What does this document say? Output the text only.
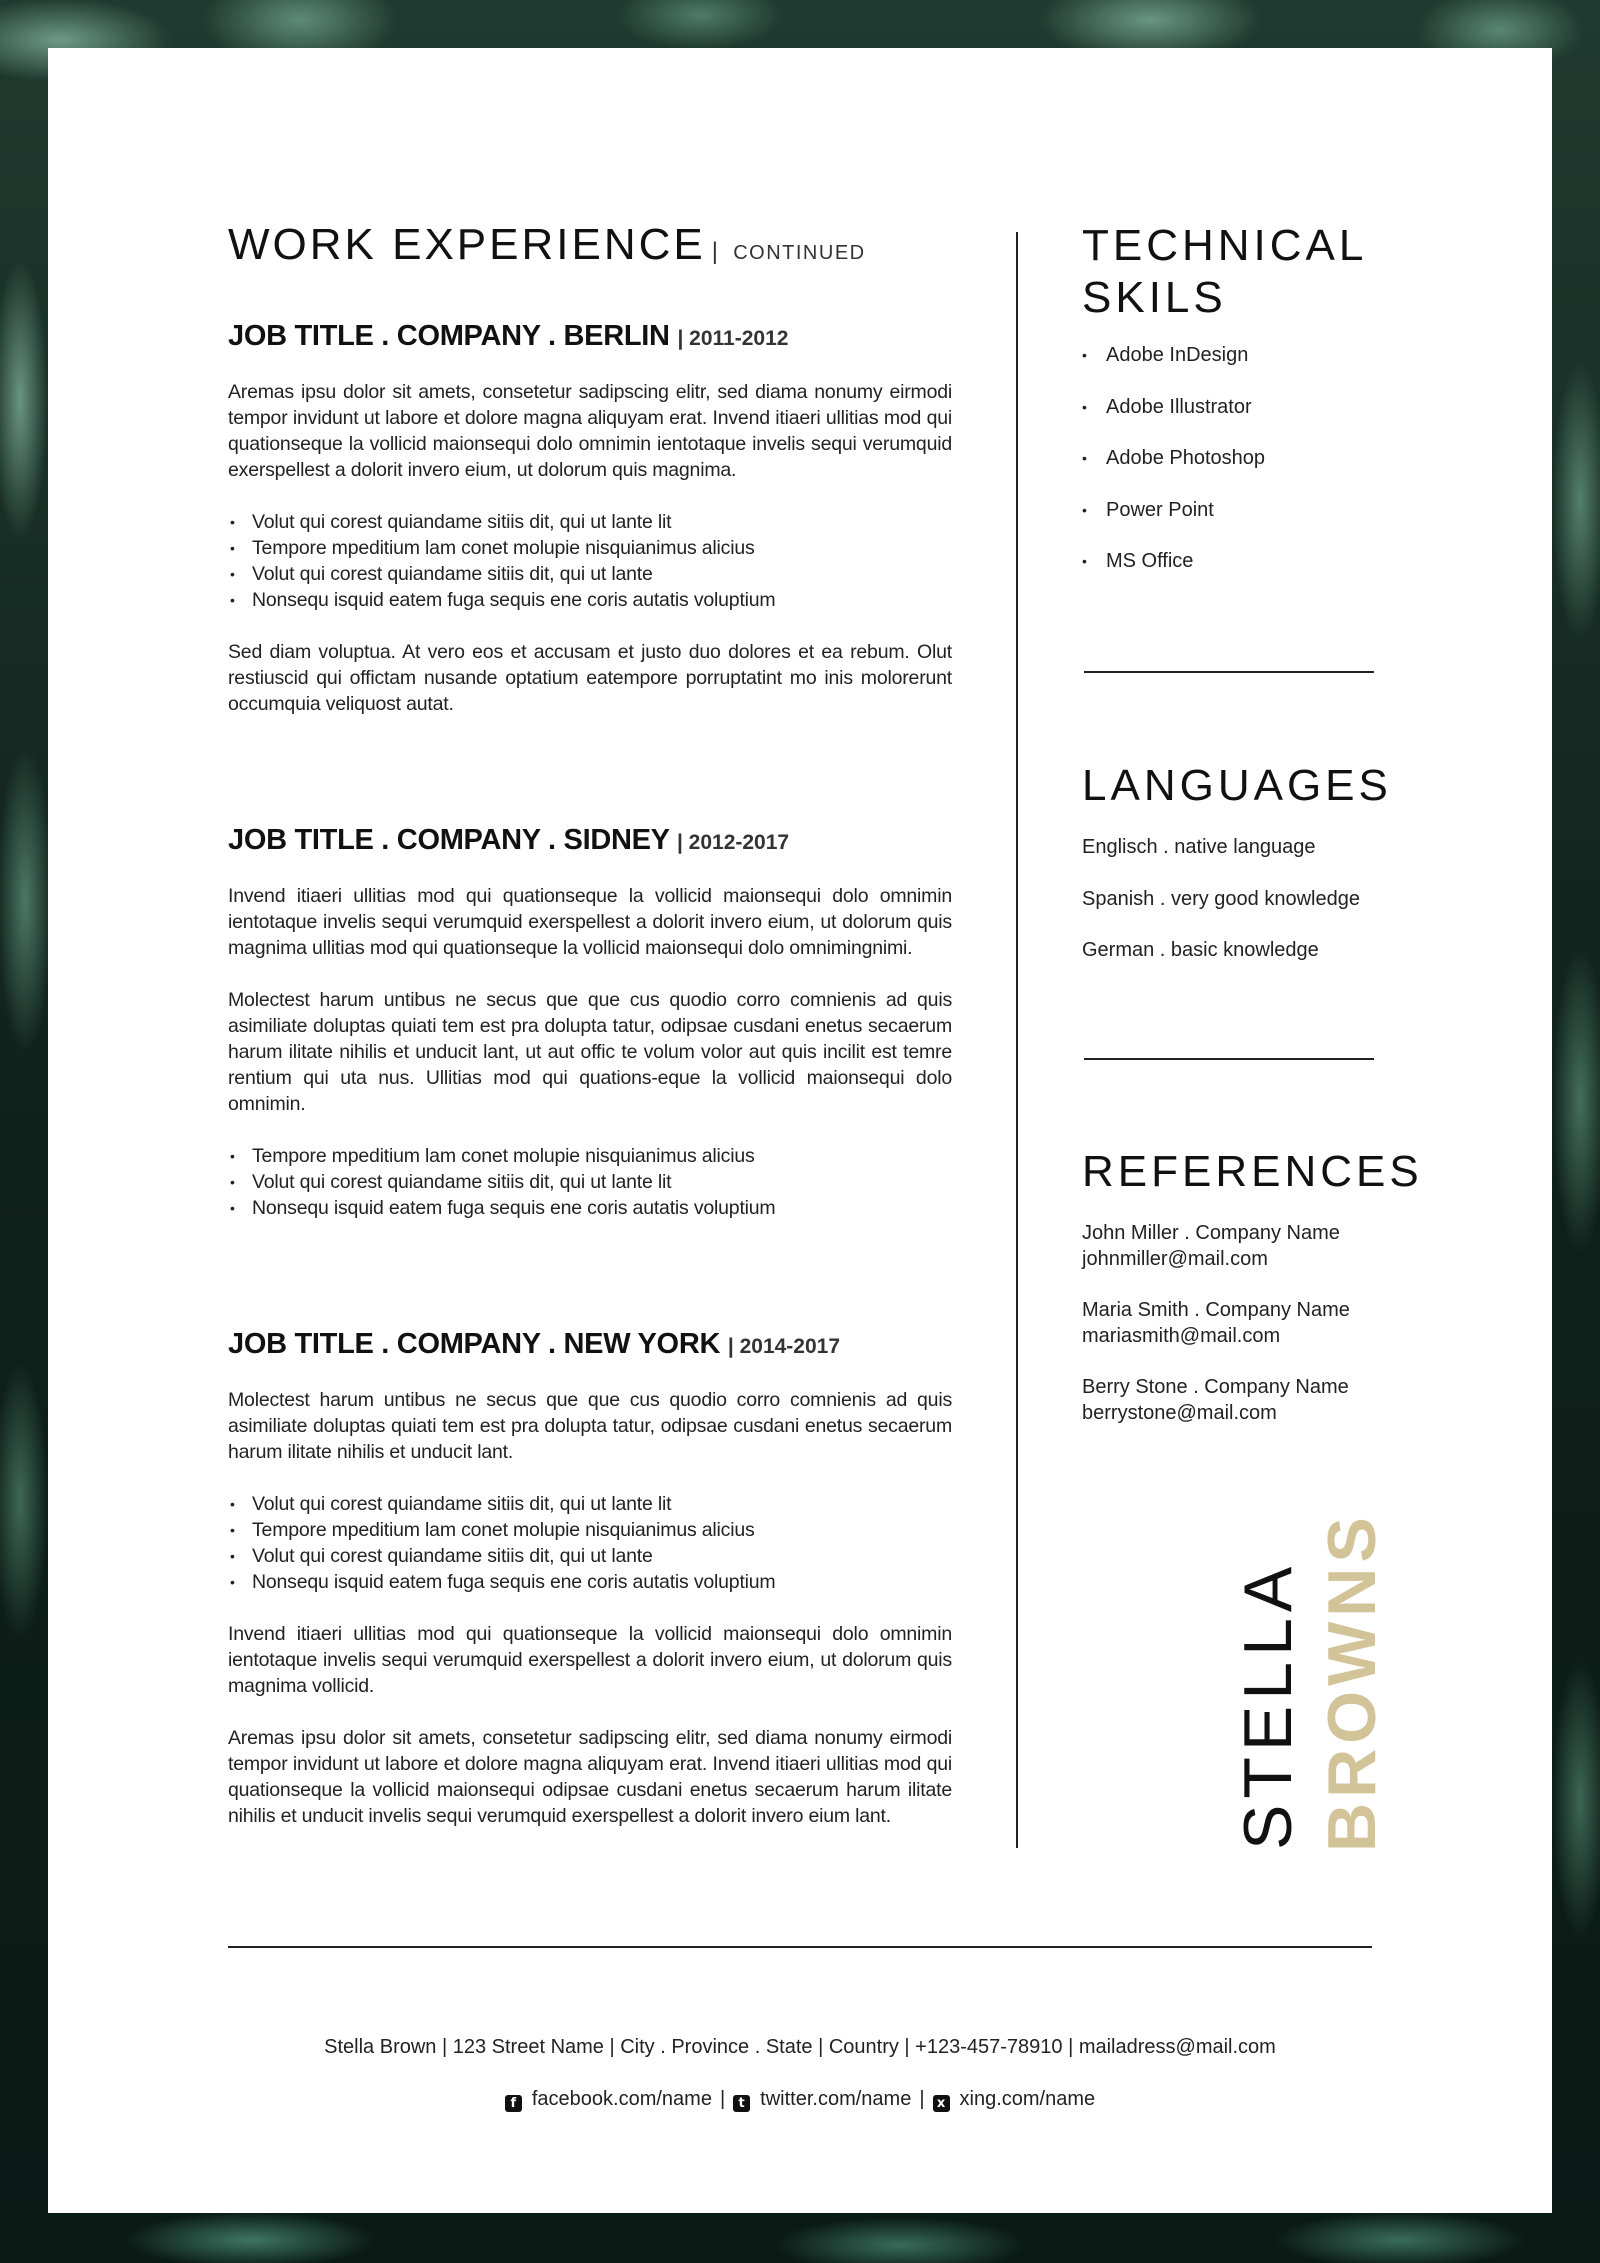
WORK EXPERIENCE | CONTINUED
JOB TITLE . COMPANY . BERLIN | 2011-2012

Aremas ipsu dolor sit amets, consetetur sadipscing elitr, sed diama nonumy eirmodi tempor invidunt ut labore et dolore magna aliquyam erat. Invend itiaeri ullitias mod qui quationseque la vollicid maionsequi dolo omnimin ientotaque invelis sequi verumquid exerspellest a dolorit invero eium, ut dolorum quis magnima.

• Volut qui corest quiandame sitiis dit, qui ut lante lit
• Tempore mpeditium lam conet molupie nisquianimus alicius
• Volut qui corest quiandame sitiis dit, qui ut lante
• Nonsequ isquid eatem fuga sequis ene coris autatis voluptium

Sed diam voluptua. At vero eos et accusam et justo duo dolores et ea rebum. Olut restiuscid qui offictam nusande optatium eatempore porruptatint mo inis molorerunt occumquia veliquost autat.

JOB TITLE . COMPANY . SIDNEY | 2012-2017

Invend itiaeri ullitias mod qui quationseque la vollicid maionsequi dolo omnimin ientotaque invelis sequi verumquid exerspellest a dolorit invero eium, ut dolorum quis magnima ullitias mod qui quationseque la vollicid maionsequi dolo omnimingnimi.

Molectest harum untibus ne secus que que cus quodio corro comnienis ad quis asimiliate doluptas quiati tem est pra dolupta tatur, odipsae cusdani enetus secaerum harum ilitate nihilis et unducit lant, ut aut offic te volum volor aut quis incilit est temre rentium qui uta nus. Ullitias mod qui quations-eque la vollicid maionsequi dolo omnimin.

• Tempore mpeditium lam conet molupie nisquianimus alicius
• Volut qui corest quiandame sitiis dit, qui ut lante lit
• Nonsequ isquid eatem fuga sequis ene coris autatis voluptium
JOB TITLE . COMPANY . NEW YORK | 2014-2017

Molectest harum untibus ne secus que que cus quodio corro comnienis ad quis asimiliate doluptas quiati tem est pra dolupta tatur, odipsae cusdani enetus secaerum harum ilitate nihilis et unducit lant.

• Volut qui corest quiandame sitiis dit, qui ut lante lit
• Tempore mpeditium lam conet molupie nisquianimus alicius
• Volut qui corest quiandame sitiis dit, qui ut lante
• Nonsequ isquid eatem fuga sequis ene coris autatis voluptium

Invend itiaeri ullitias mod qui quationseque la vollicid maionsequi dolo omnimin ientotaque invelis sequi verumquid exerspellest a dolorit invero eium, ut dolorum quis magnima vollicid.

Aremas ipsu dolor sit amets, consetetur sadipscing elitr, sed diama nonumy eirmodi tempor invidunt ut labore et dolore magna aliquyam erat. Invend itiaeri ullitias mod qui quationseque la vollicid maionsequi odipsae cusdani enetus secaerum harum ilitate nihilis et unducit invelis sequi verumquid exerspellest a dolorit invero eium lant.

TECHNICAL
SKILS
• Adobe InDesign
• Adobe Illustrator
• Adobe Photoshop
• Power Point
• MS Office
LANGUAGES
Englisch . native language
Spanish . very good knowledge
German . basic knowledge
REFERENCES
John Miller . Company Name
johnmiller@mail.com
Maria Smith . Company Name
mariasmith@mail.com
Berry Stone . Company Name
berrystone@mail.com
STELLA BROWNS
Stella Brown | 123 Street Name | City . Province . State | Country | +123-457-78910 | mailadress@mail.com
f facebook.com/name | t twitter.com/name | x xing.com/name
